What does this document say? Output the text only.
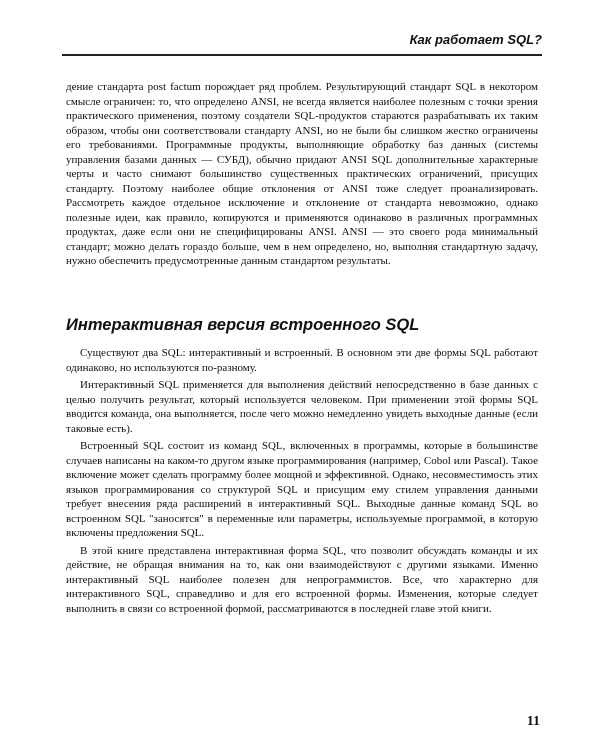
Как работает SQL?

дение стандарта post factum порождает ряд проблем. Результирующий стандарт SQL в некотором смысле ограничен: то, что определено ANSI, не всегда является наиболее полезным с точки зрения практического применения, поэтому создатели SQL-продуктов стараются разрабатывать их таким образом, чтобы они соответствовали стандарту ANSI, но не были бы слишком жестко ограничены его требованиями. Программные продукты, выполняющие обработку баз данных (системы управления базами данных — СУБД), обычно придают ANSI SQL дополнительные характерные черты и часто снимают большинство существенных практических ограничений, присущих стандарту. Поэтому наиболее общие отклонения от ANSI тоже следует проанализировать. Рассмотреть каждое отдельное исключение и отклонение от стандарта невозможно, однако полезные идеи, как правило, копируются и применяются одинаково в различных программных продуктах, даже если они не специфицированы ANSI. ANSI — это своего рода минимальный стандарт; можно делать гораздо больше, чем в нем определено, но, выполняя стандартную задачу, нужно обеспечить предусмотренные данным стандартом результаты.

Интерактивная версия встроенного SQL

Существуют два SQL: интерактивный и встроенный. В основном эти две формы SQL работают одинаково, но используются по-разному.

Интерактивный SQL применяется для выполнения действий непосредственно в базе данных с целью получить результат, который используется человеком. При применении этой формы SQL вводится команда, она выполняется, после чего можно немедленно увидеть выходные данные (если таковые есть).

Встроенный SQL состоит из команд SQL, включенных в программы, которые в большинстве случаев написаны на каком-то другом языке программирования (например, Cobol или Pascal). Такое включение может сделать программу более мощной и эффективной. Однако, несовместимость этих языков программирования со структурой SQL и присущим ему стилем управления данными требует внесения ряда расширений в интерактивный SQL. Выходные данные команд SQL во встроенном SQL "заносятся" в переменные или параметры, используемые программой, в которую включены предложения SQL.

В этой книге представлена интерактивная форма SQL, что позволит обсуждать команды и их действие, не обращая внимания на то, как они взаимодействуют с другими языками. Именно интерактивный SQL наиболее полезен для непрограммистов. Все, что характерно для интерактивного SQL, справедливо и для его встроенной формы. Изменения, которые следует выполнить в связи со встроенной формой, рассматриваются в последней главе этой книги.

11
